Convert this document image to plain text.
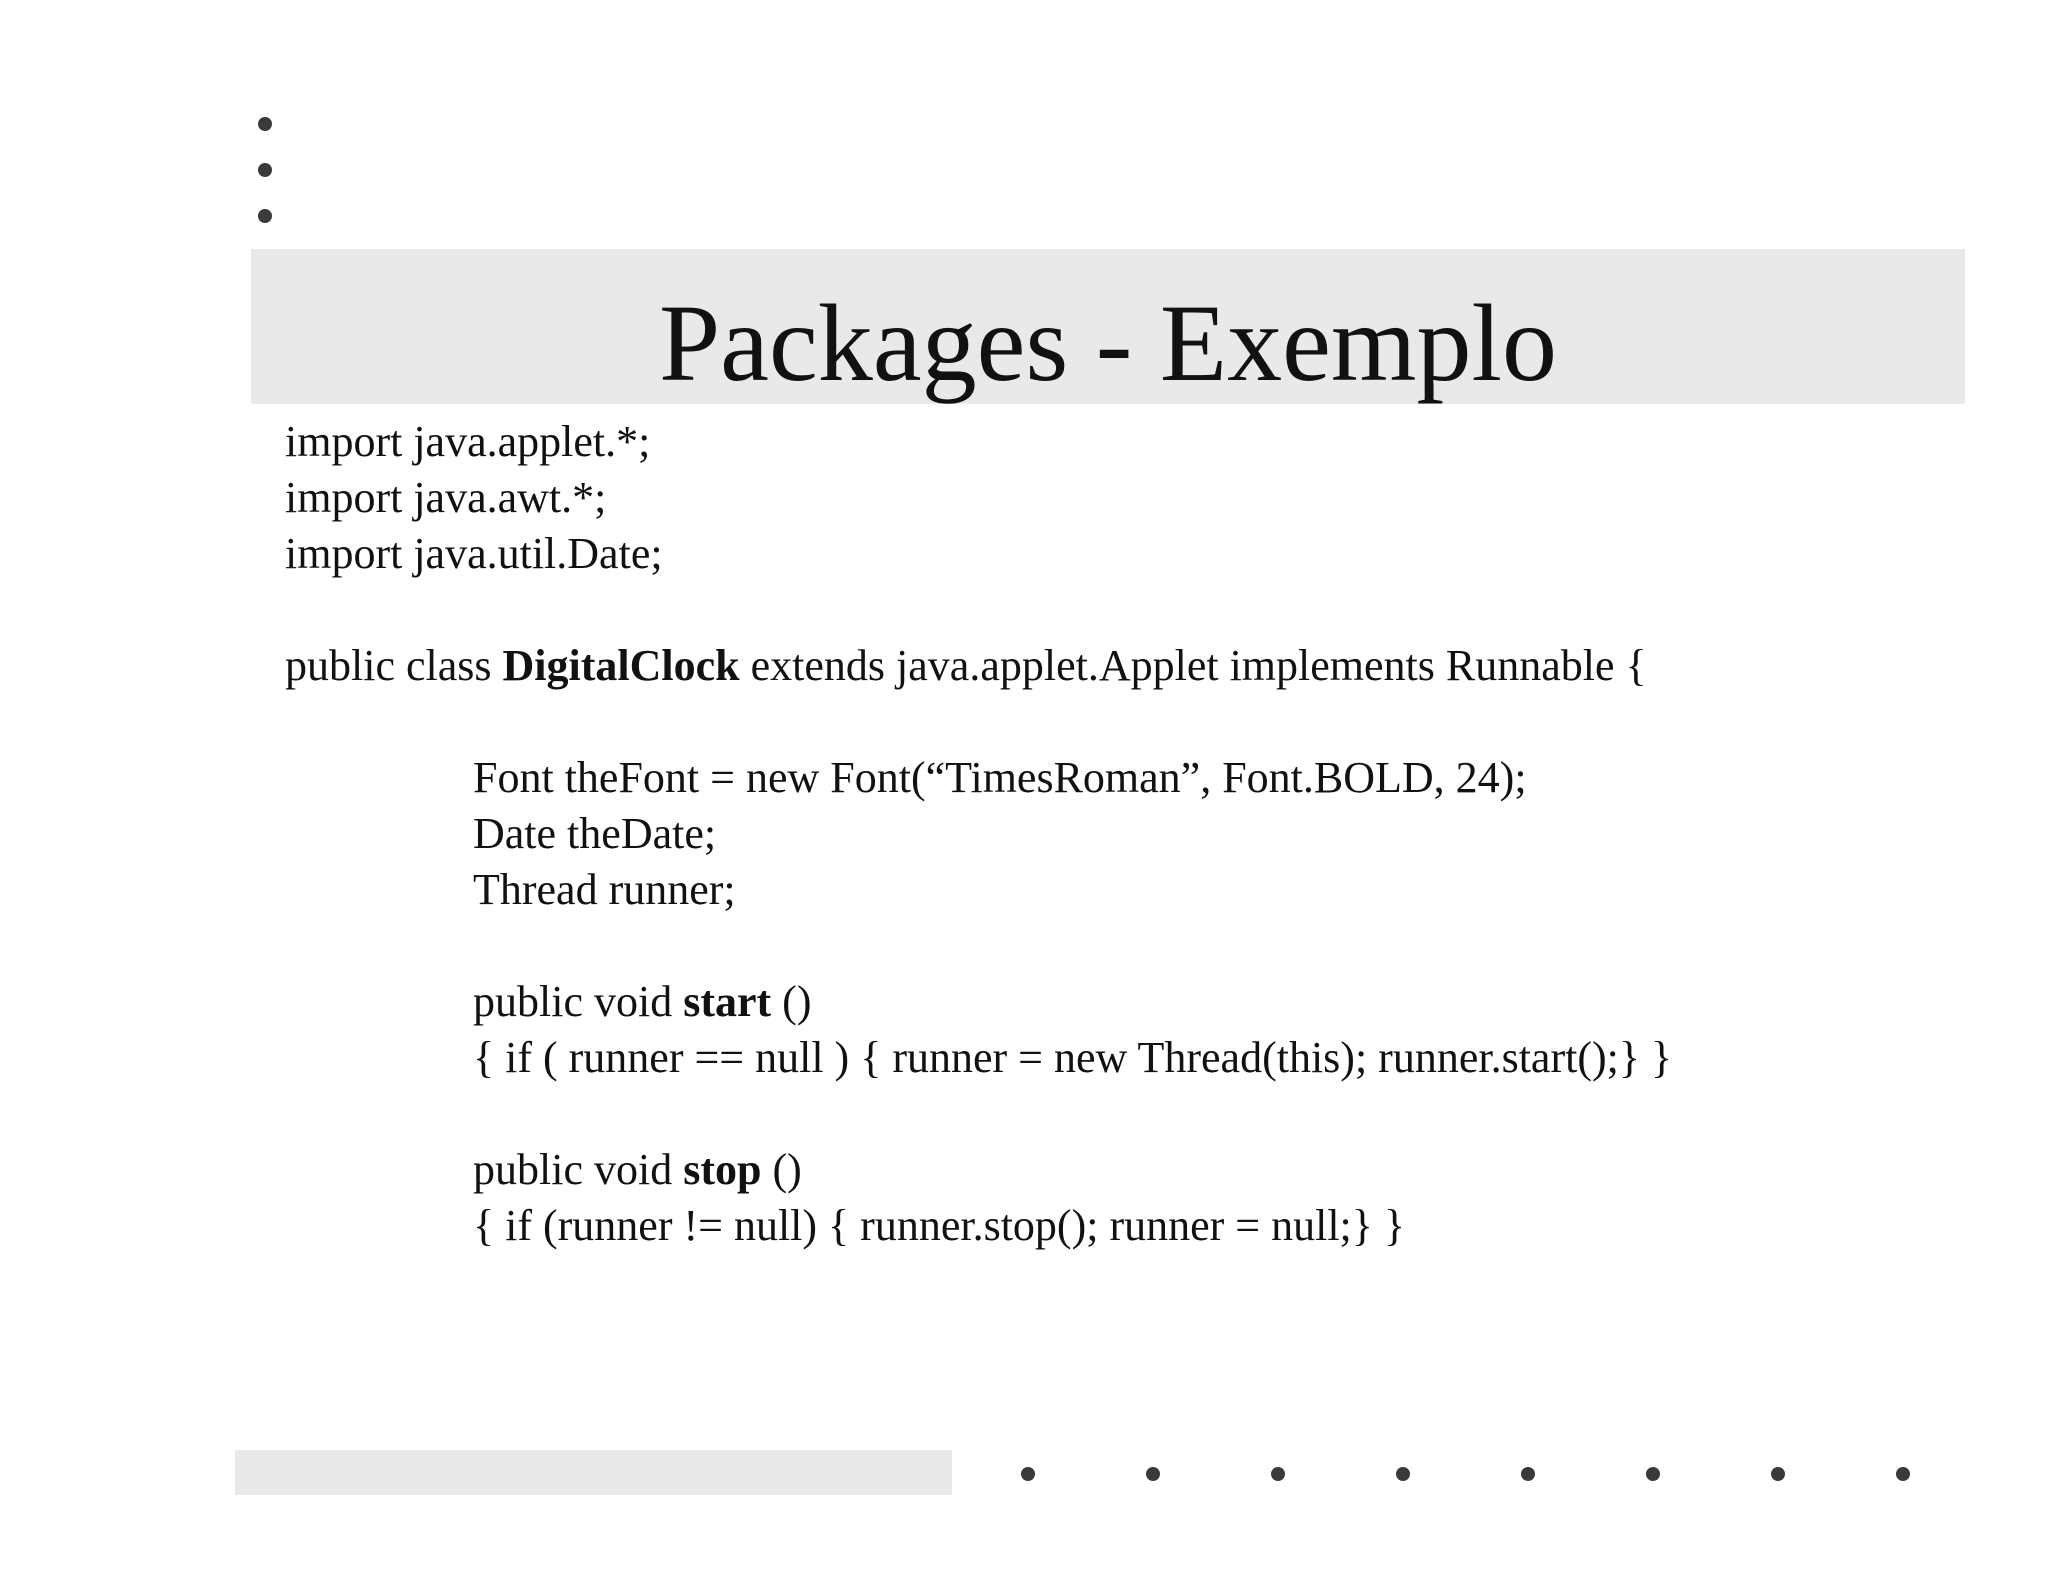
Packages - Exemplo
import java.applet.*;
import java.awt.*;
import java.util.Date;
public class DigitalClock extends java.applet.Applet implements Runnable {
Font theFont = new Font(“TimesRoman”, Font.BOLD, 24);
Date theDate;
Thread runner;
public void start ()
{ if ( runner == null ) { runner = new Thread(this); runner.start();} }
public void stop ()
{ if (runner != null) { runner.stop(); runner = null;} }
